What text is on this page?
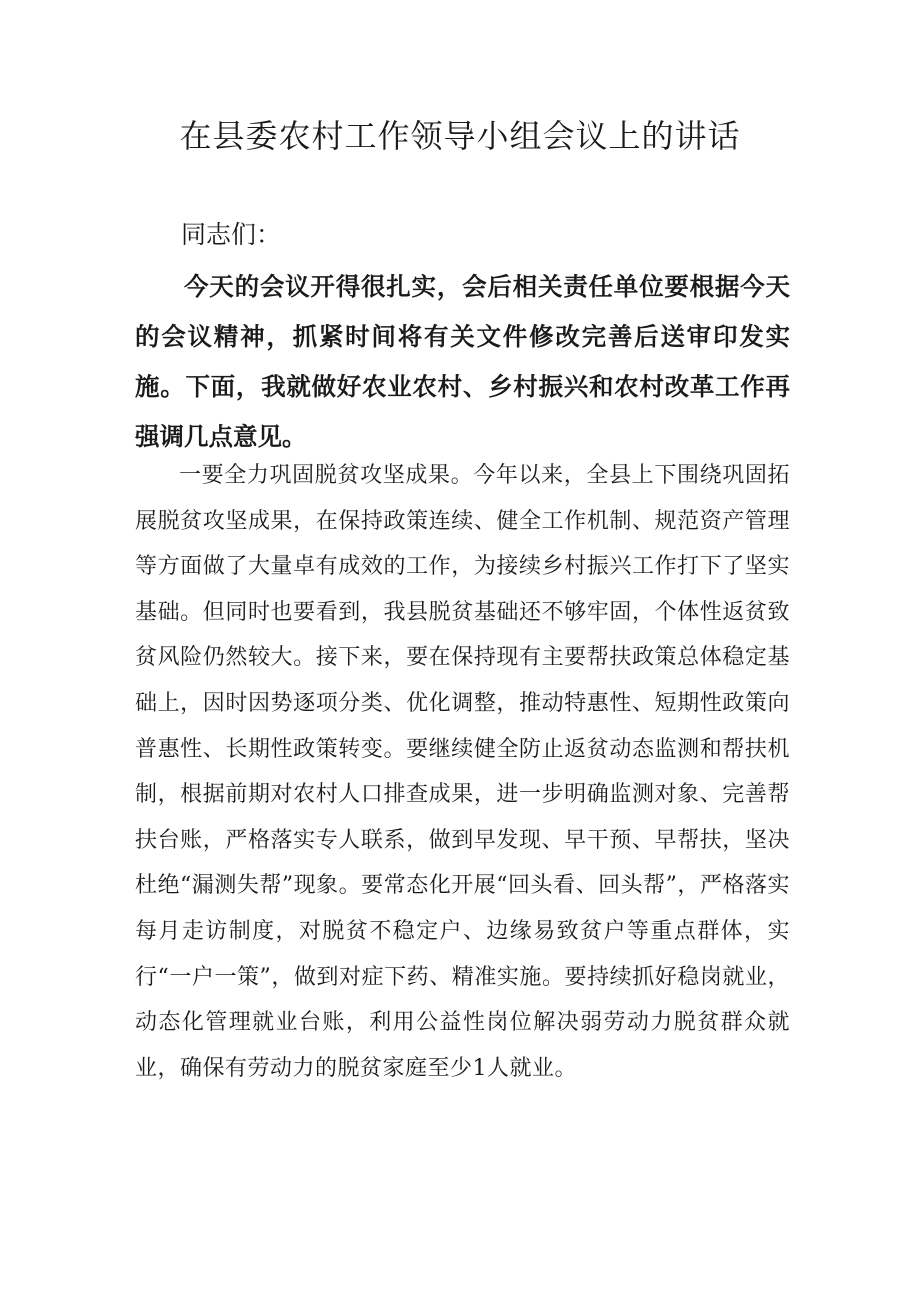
在县委农村工作领导小组会议上的讲话

同志们：

今天的会议开得很扎实，会后相关责任单位要根据今天的会议精神，抓紧时间将有关文件修改完善后送审印发实施。下面，我就做好农业农村、乡村振兴和农村改革工作再强调几点意见。

一要全力巩固脱贫攻坚成果。今年以来，全县上下围绕巩固拓展脱贫攻坚成果，在保持政策连续、健全工作机制、规范资产管理等方面做了大量卓有成效的工作，为接续乡村振兴工作打下了坚实基础。但同时也要看到，我县脱贫基础还不够牢固，个体性返贫致贫风险仍然较大。接下来，要在保持现有主要帮扶政策总体稳定基础上，因时因势逐项分类、优化调整，推动特惠性、短期性政策向普惠性、长期性政策转变。要继续健全防止返贫动态监测和帮扶机制，根据前期对农村人口排查成果，进一步明确监测对象、完善帮扶台账，严格落实专人联系，做到早发现、早干预、早帮扶，坚决杜绝“漏测失帮”现象。要常态化开展“回头看、回头帮”，严格落实每月走访制度，对脱贫不稳定户、边缘易致贫户等重点群体，实行“一户一策”，做到对症下药、精准实施。要持续抓好稳岗就业，动态化管理就业台账，利用公益性岗位解决弱劳动力脱贫群众就业，确保有劳动力的脱贫家庭至少1人就业。
